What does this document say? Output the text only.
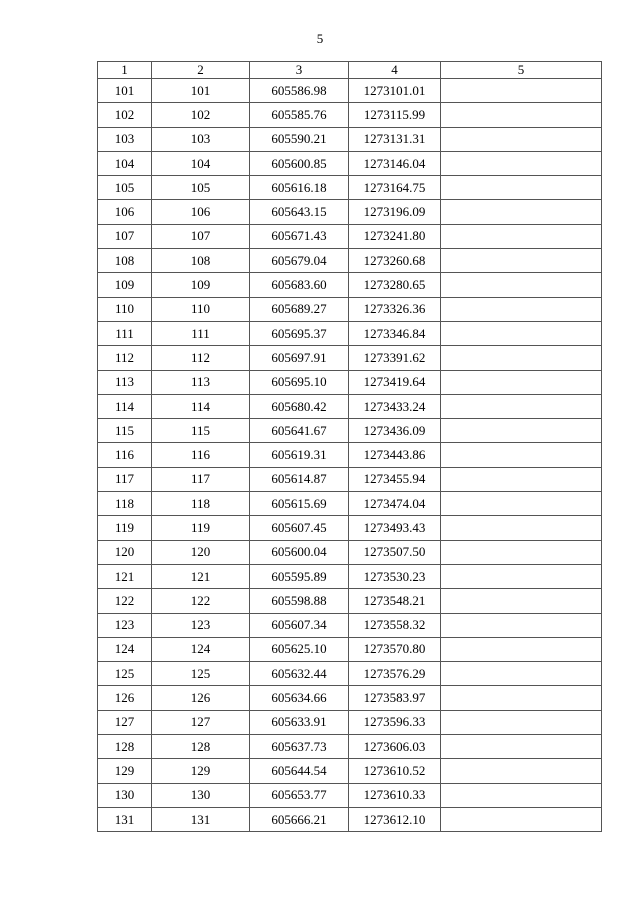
5
1	2	3	4	5
101	101	605586.98	1273101.01	
102	102	605585.76	1273115.99	
103	103	605590.21	1273131.31	
104	104	605600.85	1273146.04	
105	105	605616.18	1273164.75	
106	106	605643.15	1273196.09	
107	107	605671.43	1273241.80	
108	108	605679.04	1273260.68	
109	109	605683.60	1273280.65	
110	110	605689.27	1273326.36	
111	111	605695.37	1273346.84	
112	112	605697.91	1273391.62	
113	113	605695.10	1273419.64	
114	114	605680.42	1273433.24	
115	115	605641.67	1273436.09	
116	116	605619.31	1273443.86	
117	117	605614.87	1273455.94	
118	118	605615.69	1273474.04	
119	119	605607.45	1273493.43	
120	120	605600.04	1273507.50	
121	121	605595.89	1273530.23	
122	122	605598.88	1273548.21	
123	123	605607.34	1273558.32	
124	124	605625.10	1273570.80	
125	125	605632.44	1273576.29	
126	126	605634.66	1273583.97	
127	127	605633.91	1273596.33	
128	128	605637.73	1273606.03	
129	129	605644.54	1273610.52	
130	130	605653.77	1273610.33	
131	131	605666.21	1273612.10	
